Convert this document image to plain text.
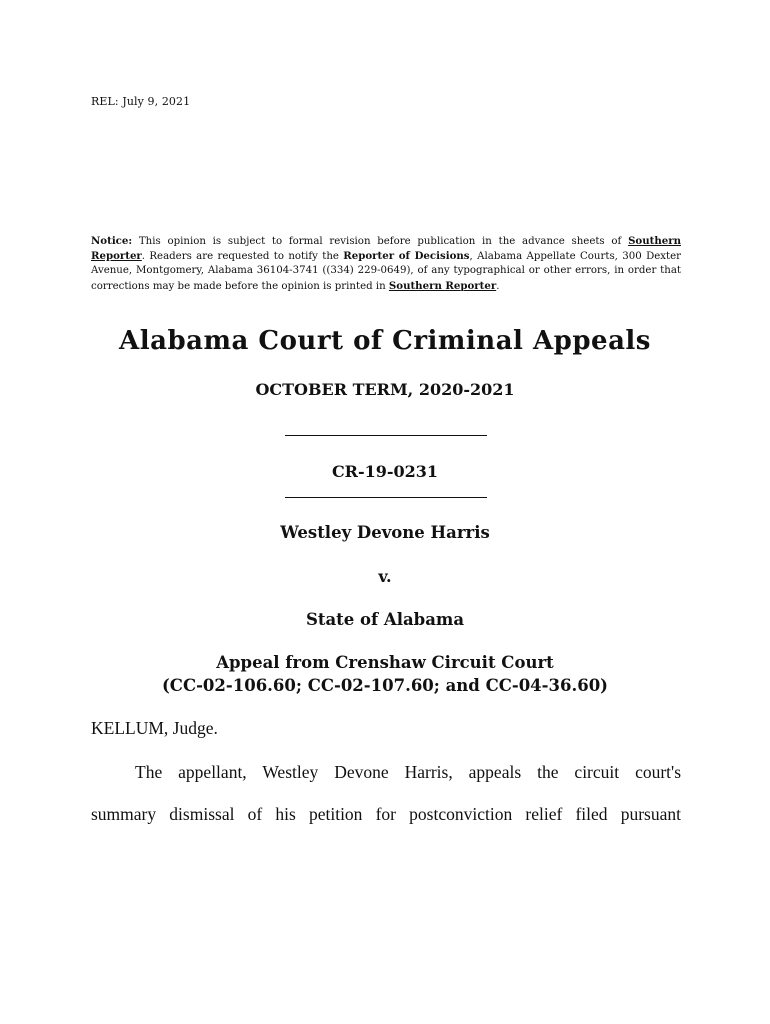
REL: July 9, 2021
Notice: This opinion is subject to formal revision before publication in the advance sheets of Southern Reporter. Readers are requested to notify the Reporter of Decisions, Alabama Appellate Courts, 300 Dexter Avenue, Montgomery, Alabama 36104-3741 ((334) 229-0649), of any typographical or other errors, in order that corrections may be made before the opinion is printed in Southern Reporter.
Alabama Court of Criminal Appeals
OCTOBER TERM, 2020-2021
CR-19-0231
Westley Devone Harris
v.
State of Alabama
Appeal from Crenshaw Circuit Court
(CC-02-106.60; CC-02-107.60; and CC-04-36.60)
KELLUM, Judge.
The appellant, Westley Devone Harris, appeals the circuit court's
summary dismissal of his petition for postconviction relief filed pursuant
